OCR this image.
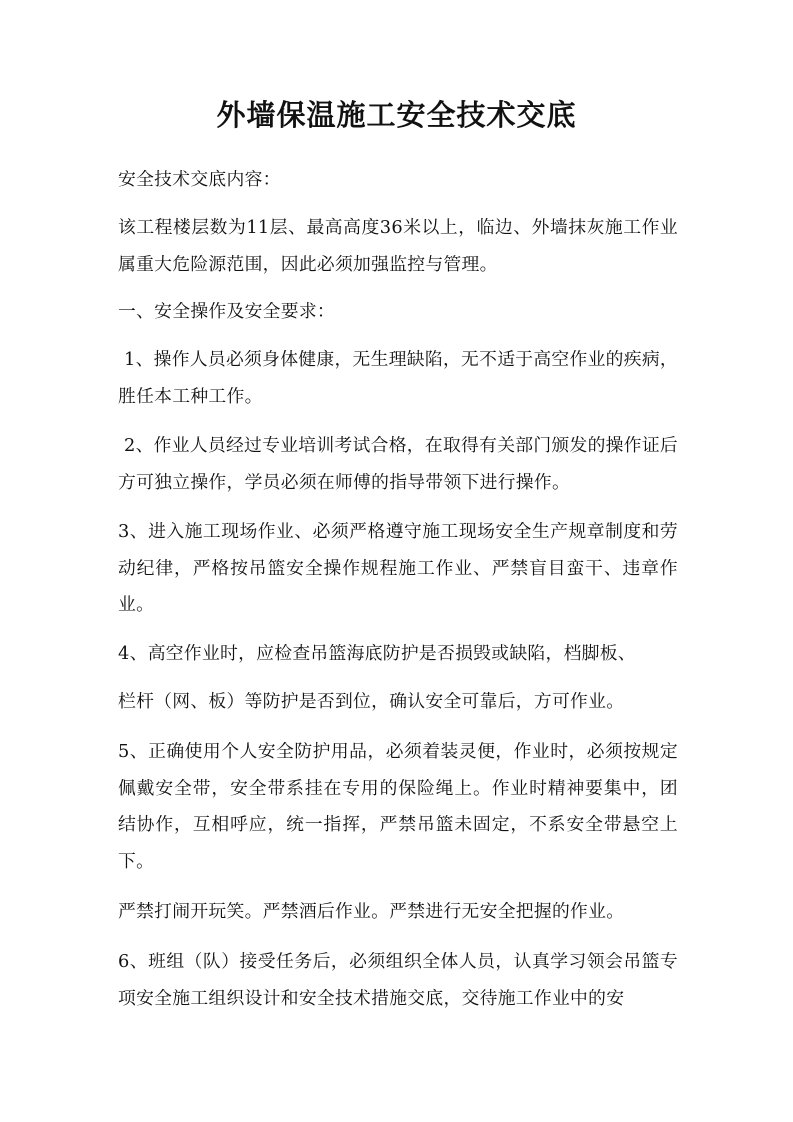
外墙保温施工安全技术交底

安全技术交底内容：

该工程楼层数为11层、最高高度36米以上，临边、外墙抹灰施工作业属重大危险源范围，因此必须加强监控与管理。

一、安全操作及安全要求：

1、操作人员必须身体健康，无生理缺陷，无不适于高空作业的疾病，胜任本工种工作。

2、作业人员经过专业培训考试合格，在取得有关部门颁发的操作证后方可独立操作，学员必须在师傅的指导带领下进行操作。

3、进入施工现场作业、必须严格遵守施工现场安全生产规章制度和劳动纪律，严格按吊篮安全操作规程施工作业、严禁盲目蛮干、违章作业。

4、高空作业时，应检查吊篮海底防护是否损毁或缺陷，档脚板、

栏杆（网、板）等防护是否到位，确认安全可靠后，方可作业。

5、正确使用个人安全防护用品，必须着装灵便，作业时，必须按规定佩戴安全带，安全带系挂在专用的保险绳上。作业时精神要集中，团结协作，互相呼应，统一指挥，严禁吊篮未固定，不系安全带悬空上下。

严禁打闹开玩笑。严禁酒后作业。严禁进行无安全把握的作业。

6、班组（队）接受任务后，必须组织全体人员，认真学习领会吊篮专项安全施工组织设计和安全技术措施交底，交待施工作业中的安
